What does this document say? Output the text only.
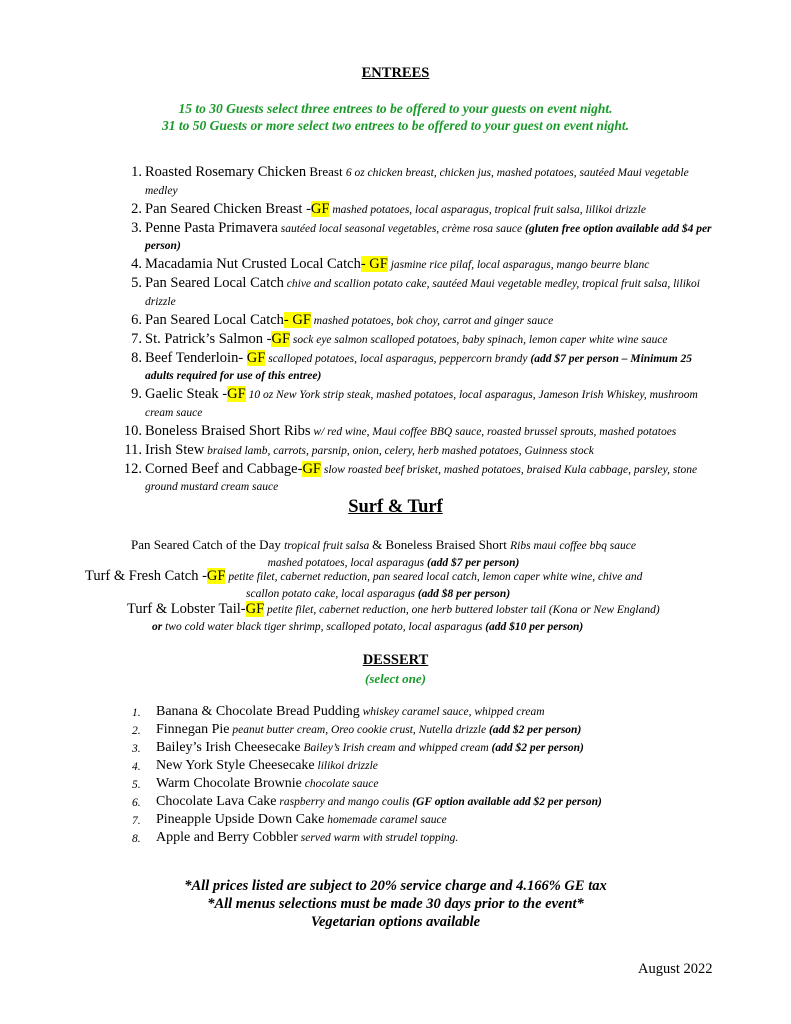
ENTREES
15 to 30 Guests select three entrees to be offered to your guests on event night.
31 to 50 Guests or more select two entrees to be offered to your guest on event night.
1. Roasted Rosemary Chicken Breast 6 oz chicken breast, chicken jus, mashed potatoes, sautéed Maui vegetable medley
2. Pan Seared Chicken Breast -GF mashed potatoes, local asparagus, tropical fruit salsa, lilikoi drizzle
3. Penne Pasta Primavera sautéed local seasonal vegetables, crème rosa sauce (gluten free option available add $4 per person)
4. Macadamia Nut Crusted Local Catch- GF jasmine rice pilaf, local asparagus, mango beurre blanc
5. Pan Seared Local Catch chive and scallion potato cake, sautéed Maui vegetable medley, tropical fruit salsa, lilikoi drizzle
6. Pan Seared Local Catch- GF mashed potatoes, bok choy, carrot and ginger sauce
7. St. Patrick’s Salmon -GF sock eye salmon scalloped potatoes, baby spinach, lemon caper white wine sauce
8. Beef Tenderloin- GF scalloped potatoes, local asparagus, peppercorn brandy (add $7 per person – Minimum 25 adults required for use of this entree)
9. Gaelic Steak -GF 10 oz New York strip steak, mashed potatoes, local asparagus, Jameson Irish Whiskey, mushroom cream sauce
10. Boneless Braised Short Ribs w/ red wine, Maui coffee BBQ sauce, roasted brussel sprouts, mashed potatoes
11. Irish Stew braised lamb, carrots, parsnip, onion, celery, herb mashed potatoes, Guinness stock
12. Corned Beef and Cabbage-GF slow roasted beef brisket, mashed potatoes, braised Kula cabbage, parsley, stone ground mustard cream sauce
Surf & Turf
Pan Seared Catch of the Day tropical fruit salsa & Boneless Braised Short Ribs maui coffee bbq sauce
mashed potatoes, local asparagus (add $7 per person)
Turf & Fresh Catch -GF petite filet, cabernet reduction, pan seared local catch, lemon caper white wine, chive and
scallon potato cake, local asparagus (add $8 per person)
Turf & Lobster Tail-GF petite filet, cabernet reduction, one herb buttered lobster tail (Kona or New England)
or two cold water black tiger shrimp, scalloped potato, local asparagus (add $10 per person)
DESSERT
(select one)
1. Banana & Chocolate Bread Pudding whiskey caramel sauce, whipped cream
2. Finnegan Pie peanut butter cream, Oreo cookie crust, Nutella drizzle (add $2 per person)
3. Bailey’s Irish Cheesecake Bailey’s Irish cream and whipped cream (add $2 per person)
4. New York Style Cheesecake lilikoi drizzle
5. Warm Chocolate Brownie chocolate sauce
6. Chocolate Lava Cake raspberry and mango coulis (GF option available add $2 per person)
7. Pineapple Upside Down Cake homemade caramel sauce
8. Apple and Berry Cobbler served warm with strudel topping.
*All prices listed are subject to 20% service charge and 4.166% GE tax
*All menus selections must be made 30 days prior to the event*
Vegetarian options available
August 2022
